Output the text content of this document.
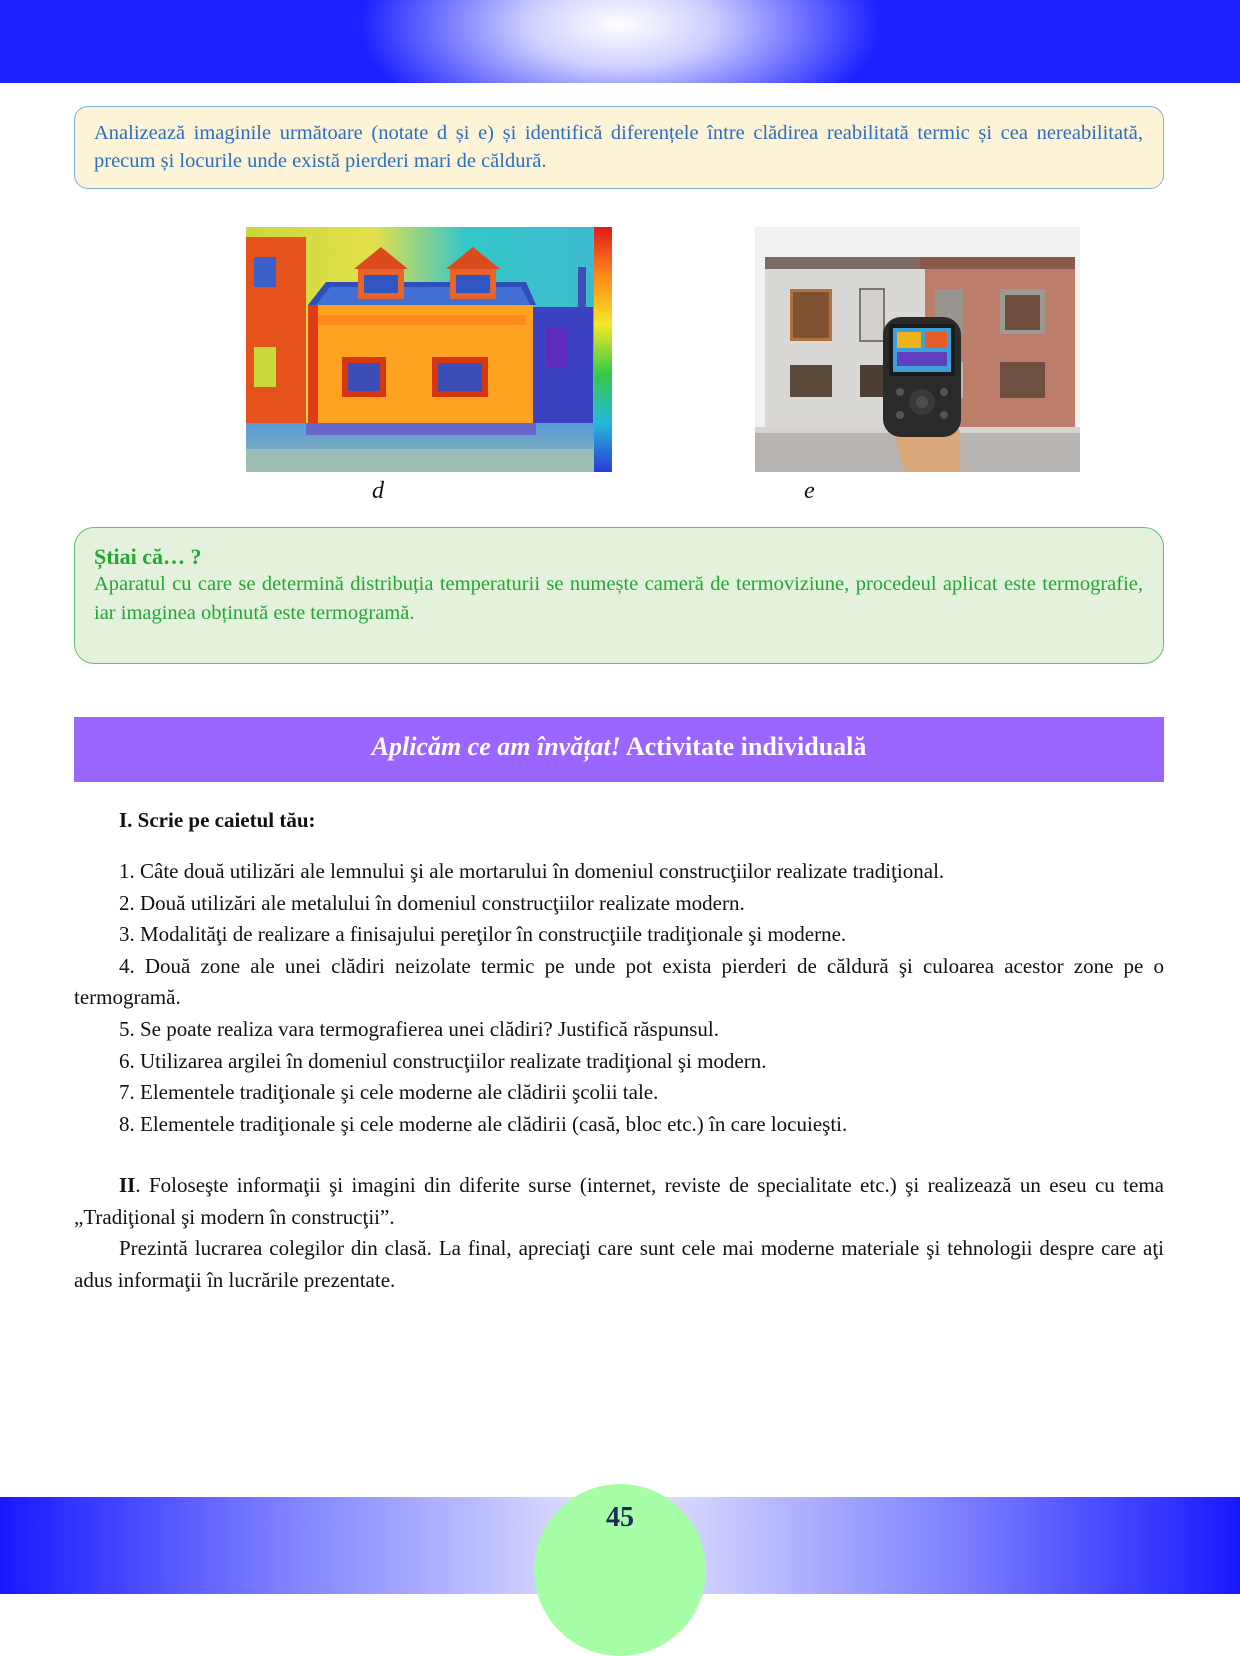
Analizează imaginile următoare (notate d și e) și identifică diferențele între clădirea reabilitată termic și cea nereabilitată, precum și locurile unde există pierderi mari de căldură.
d	e
Știai că… ?
Aparatul cu care se determină distribuția temperaturii se numește cameră de termoviziune, procedeul aplicat este termografie, iar imaginea obținută este termogramă.
Aplicăm ce am învățat! Activitate individuală
I. Scrie pe caietul tău:

1. Câte două utilizări ale lemnului şi ale mortarului în domeniul construcţiilor realizate tradiţional.

2. Două utilizări ale metalului în domeniul construcţiilor realizate modern.

3. Modalităţi de realizare a finisajului pereţilor în construcţiile tradiţionale şi moderne.

4. Două zone ale unei clădiri neizolate termic pe unde pot exista pierderi de căldură şi culoarea acestor zone pe o termogramă.

5. Se poate realiza vara termografierea unei clădiri? Justifică răspunsul.

6. Utilizarea argilei în domeniul construcţiilor realizate tradiţional şi modern.

7. Elementele tradiţionale şi cele moderne ale clădirii şcolii tale.

8. Elementele tradiţionale şi cele moderne ale clădirii (casă, bloc etc.) în care locuieşti.

II. Foloseşte informaţii şi imagini din diferite surse (internet, reviste de specialitate etc.) şi realizează un eseu cu tema „Tradiţional şi modern în construcţii”.

Prezintă lucrarea colegilor din clasă. La final, apreciaţi care sunt cele mai moderne materiale şi tehnologii despre care aţi adus informaţii în lucrările prezentate.

45
